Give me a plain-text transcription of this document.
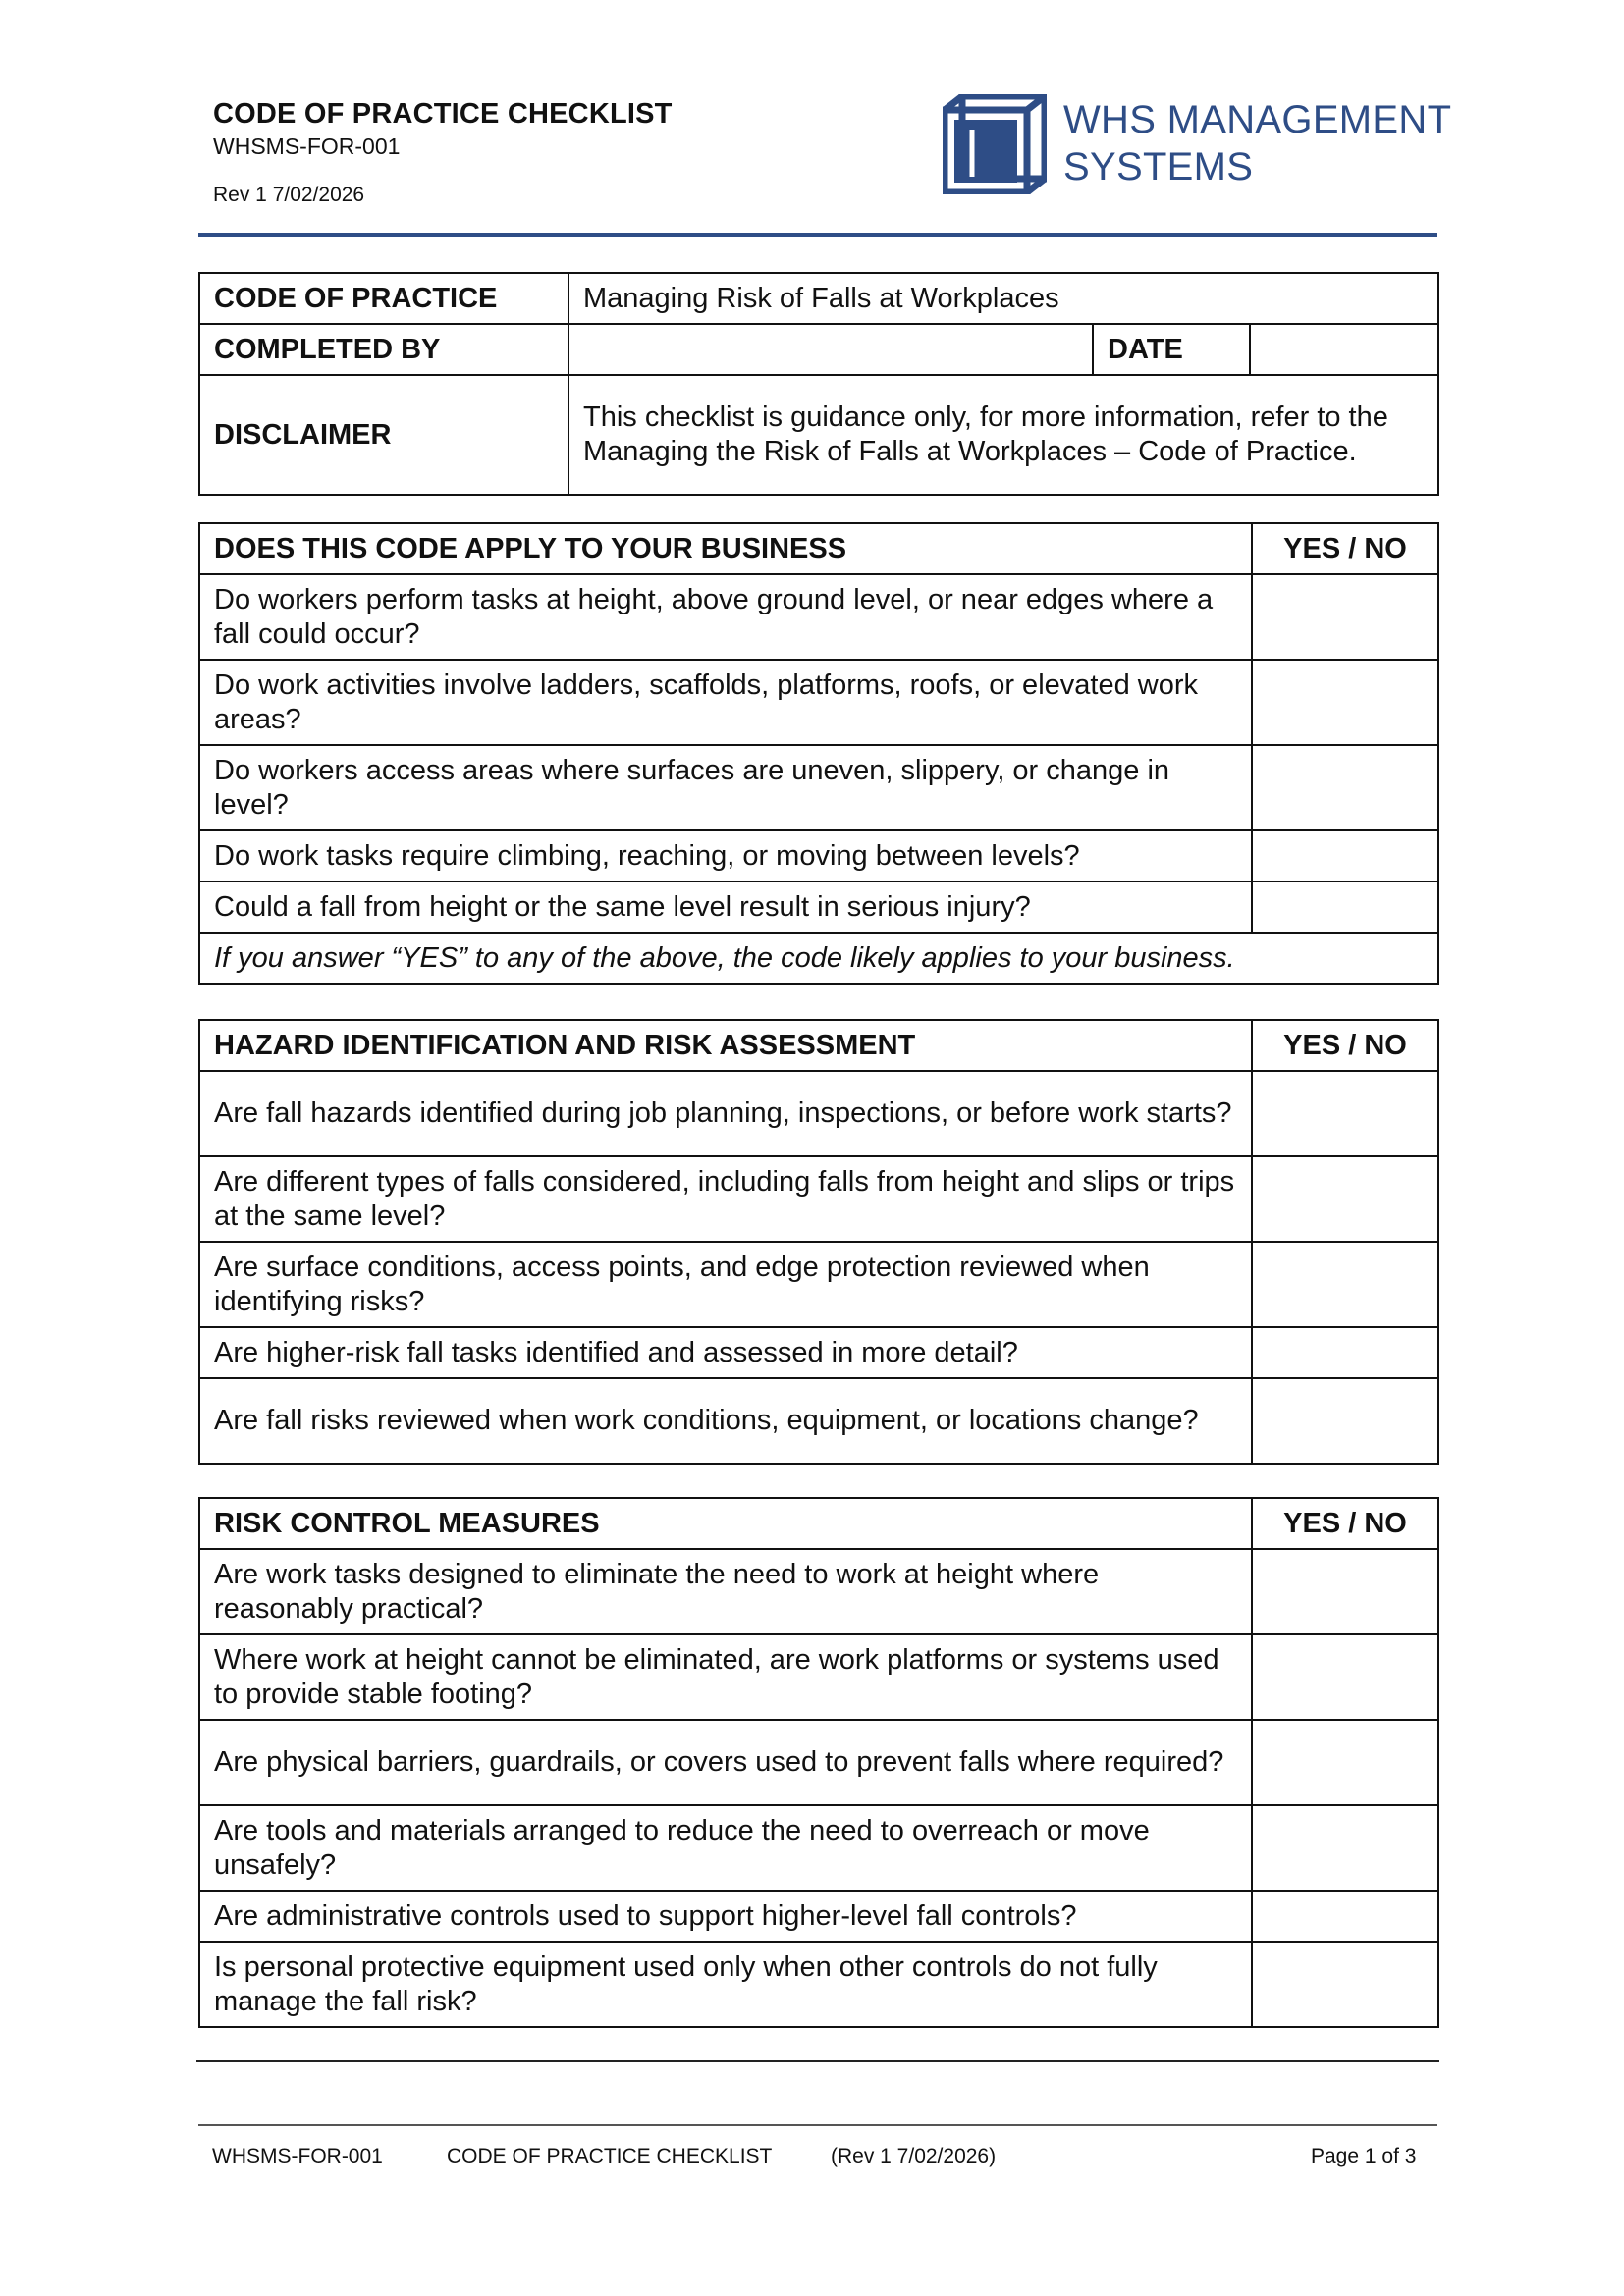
CODE OF PRACTICE CHECKLIST
WHSMS-FOR-001
Rev 1 7/02/2026
WHS MANAGEMENT
SYSTEMS
CODE OF PRACTICE	Managing Risk of Falls at Workplaces		
COMPLETED BY		DATE	
DISCLAIMER	This checklist is guidance only, for more information, refer to the Managing the Risk of Falls at Workplaces – Code of Practice.		
DOES THIS CODE APPLY TO YOUR BUSINESS	YES / NO
Do workers perform tasks at height, above ground level, or near edges where a fall could occur?	
Do work activities involve ladders, scaffolds, platforms, roofs, or elevated work areas?	
Do workers access areas where surfaces are uneven, slippery, or change in level?	
Do work tasks require climbing, reaching, or moving between levels?	
Could a fall from height or the same level result in serious injury?	
If you answer “YES” to any of the above, the code likely applies to your business.	
HAZARD IDENTIFICATION AND RISK ASSESSMENT	YES / NO
Are fall hazards identified during job planning, inspections, or before work starts?	
Are different types of falls considered, including falls from height and slips or trips at the same level?	
Are surface conditions, access points, and edge protection reviewed when identifying risks?	
Are higher-risk fall tasks identified and assessed in more detail?	
Are fall risks reviewed when work conditions, equipment, or locations change?	
RISK CONTROL MEASURES	YES / NO
Are work tasks designed to eliminate the need to work at height where reasonably practical?	
Where work at height cannot be eliminated, are work platforms or systems used to provide stable footing?	
Are physical barriers, guardrails, or covers used to prevent falls where required?	
Are tools and materials arranged to reduce the need to overreach or move unsafely?	
Are administrative controls used to support higher-level fall controls?	
Is personal protective equipment used only when other controls do not fully manage the fall risk?	
WHSMS-FOR-001	CODE OF PRACTICE CHECKLIST	(Rev 1 7/02/2026)	Page 1 of 3
